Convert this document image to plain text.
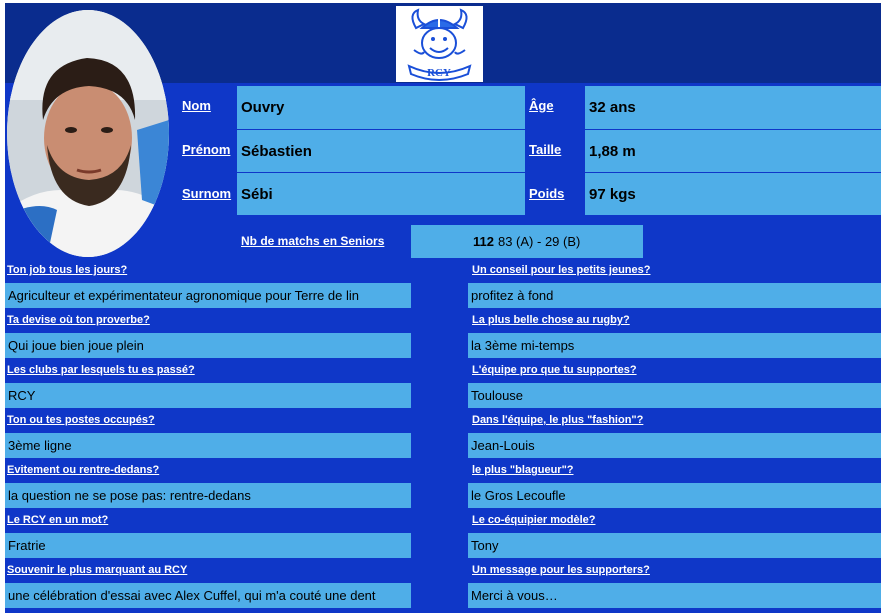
RCY
Nom Ouvry
Prénom Sébastien
Surnom Sébi
Âge 32 ans
Taille 1,88 m
Poids 97 kgs
Nb de matchs en Seniors	112 83 (A) - 29 (B)
Ton job tous les jours?
Agriculteur et expérimentateur agronomique pour Terre de lin
Ta devise où ton proverbe?
Qui joue bien joue plein
Les clubs par lesquels tu es passé?
RCY
Ton ou tes postes occupés?
3ème ligne
Evitement ou rentre-dedans?
la question ne se pose pas: rentre-dedans
Le RCY en un mot?
Fratrie
Souvenir le plus marquant au RCY
une célébration d'essai avec Alex Cuffel, qui m'a couté une dent
Un conseil pour les petits jeunes?
profitez à fond
La plus belle chose au rugby?
la 3ème mi-temps
L'équipe pro que tu supportes?
Toulouse
Dans l'équipe, le plus "fashion"?
Jean-Louis
le plus "blagueur"?
le Gros Lecoufle
Le co-équipier modèle?
Tony
Un message pour les supporters?
Merci à vous…
